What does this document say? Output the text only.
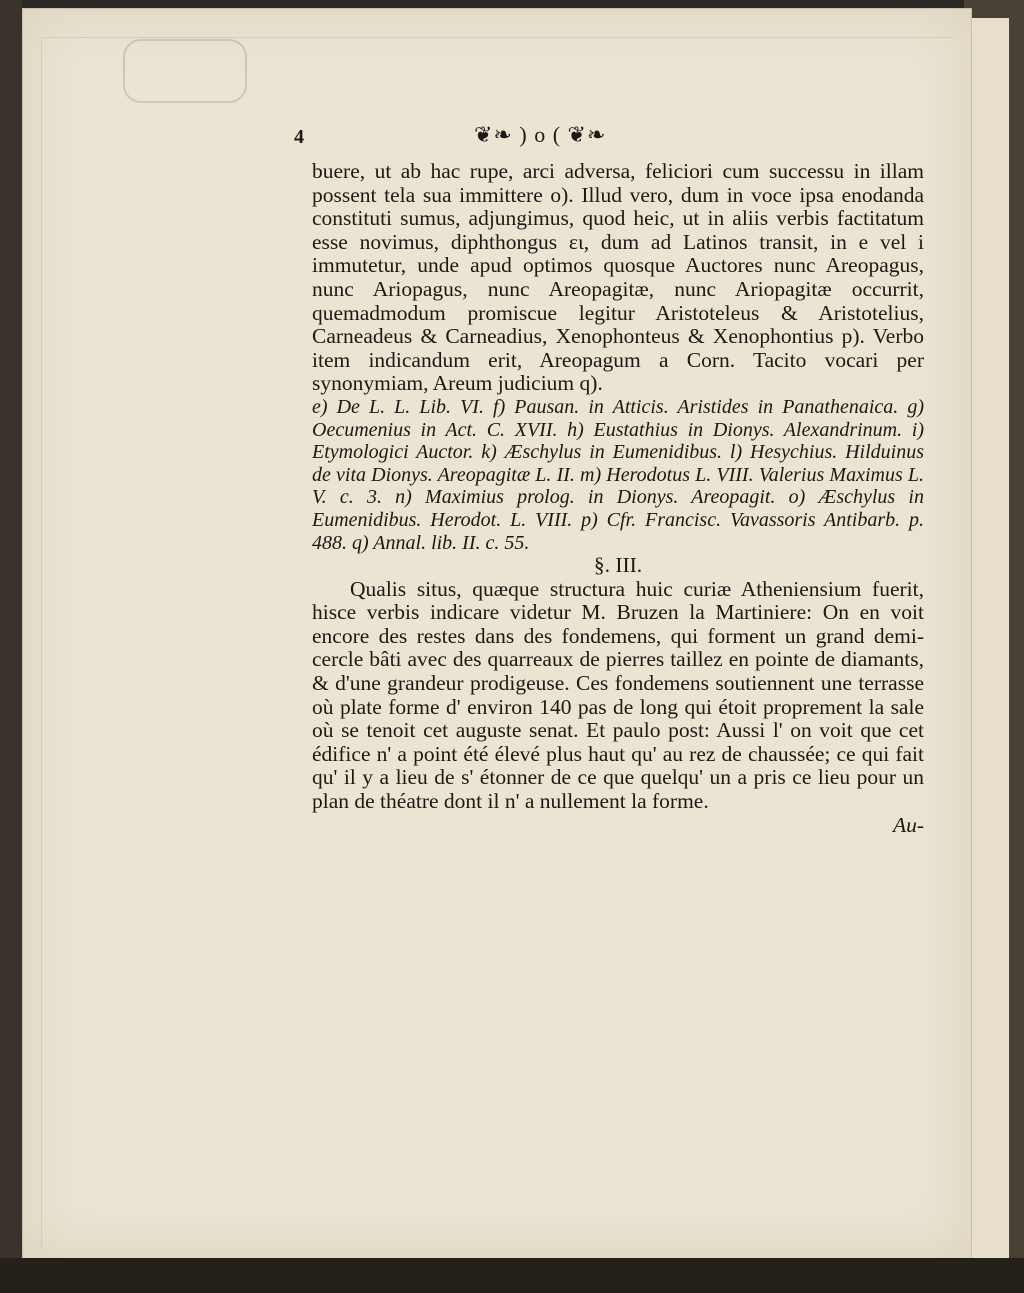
4	❦❧ ) o ( ❦❧

buere, ut ab hac rupe, arci adversa, feliciori cum successu in illam possent tela sua immittere o). Illud vero, dum in voce ipsa enodanda constituti sumus, adjungimus, quod heic, ut in aliis verbis factitatum esse novimus, diphthongus ει, dum ad Latinos transit, in e vel i immutetur, unde apud optimos quosque Auctores nunc Areopagus, nunc Ariopagus, nunc Areopagitæ, nunc Ariopagitæ occurrit, quemadmodum promiscue legitur Aristoteleus & Aristotelius, Carneadeus & Carneadius, Xenophonteus & Xenophontius p). Verbo item indicandum erit, Areopagum a Corn. Tacito vocari per synonymiam, Areum judicium q).

e) De L. L. Lib. VI. f) Pausan. in Atticis. Aristides in Panathenaica. g) Oecumenius in Act. C. XVII. h) Eustathius in Dionys. Alexandrinum. i) Etymologici Auctor. k) Æschylus in Eumenidibus. l) Hesychius. Hilduinus de vita Dionys. Areopagitæ L. II. m) Herodotus L. VIII. Valerius Maximus L. V. c. 3. n) Maximius prolog. in Dionys. Areopagit. o) Æschylus in Eumenidibus. Herodot. L. VIII. p) Cfr. Francisc. Vavassoris Antibarb. p. 488. q) Annal. lib. II. c. 55.

§. III.

Qualis situs, quæque structura huic curiæ Atheniensium fuerit, hisce verbis indicare videtur M. Bruzen la Martiniere: On en voit encore des restes dans des fondemens, qui forment un grand demi-cercle bâti avec des quarreaux de pierres taillez en pointe de diamants, & d'une grandeur prodigeuse. Ces fondemens soutiennent une terrasse où plate forme d' environ 140 pas de long qui étoit proprement la sale où se tenoit cet auguste senat. Et paulo post: Aussi l' on voit que cet édifice n' a point été élevé plus haut qu' au rez de chaussée; ce qui fait qu' il y a lieu de s' étonner de ce que quelqu' un a pris ce lieu pour un plan de théatre dont il n' a nullement la forme.

Au-
